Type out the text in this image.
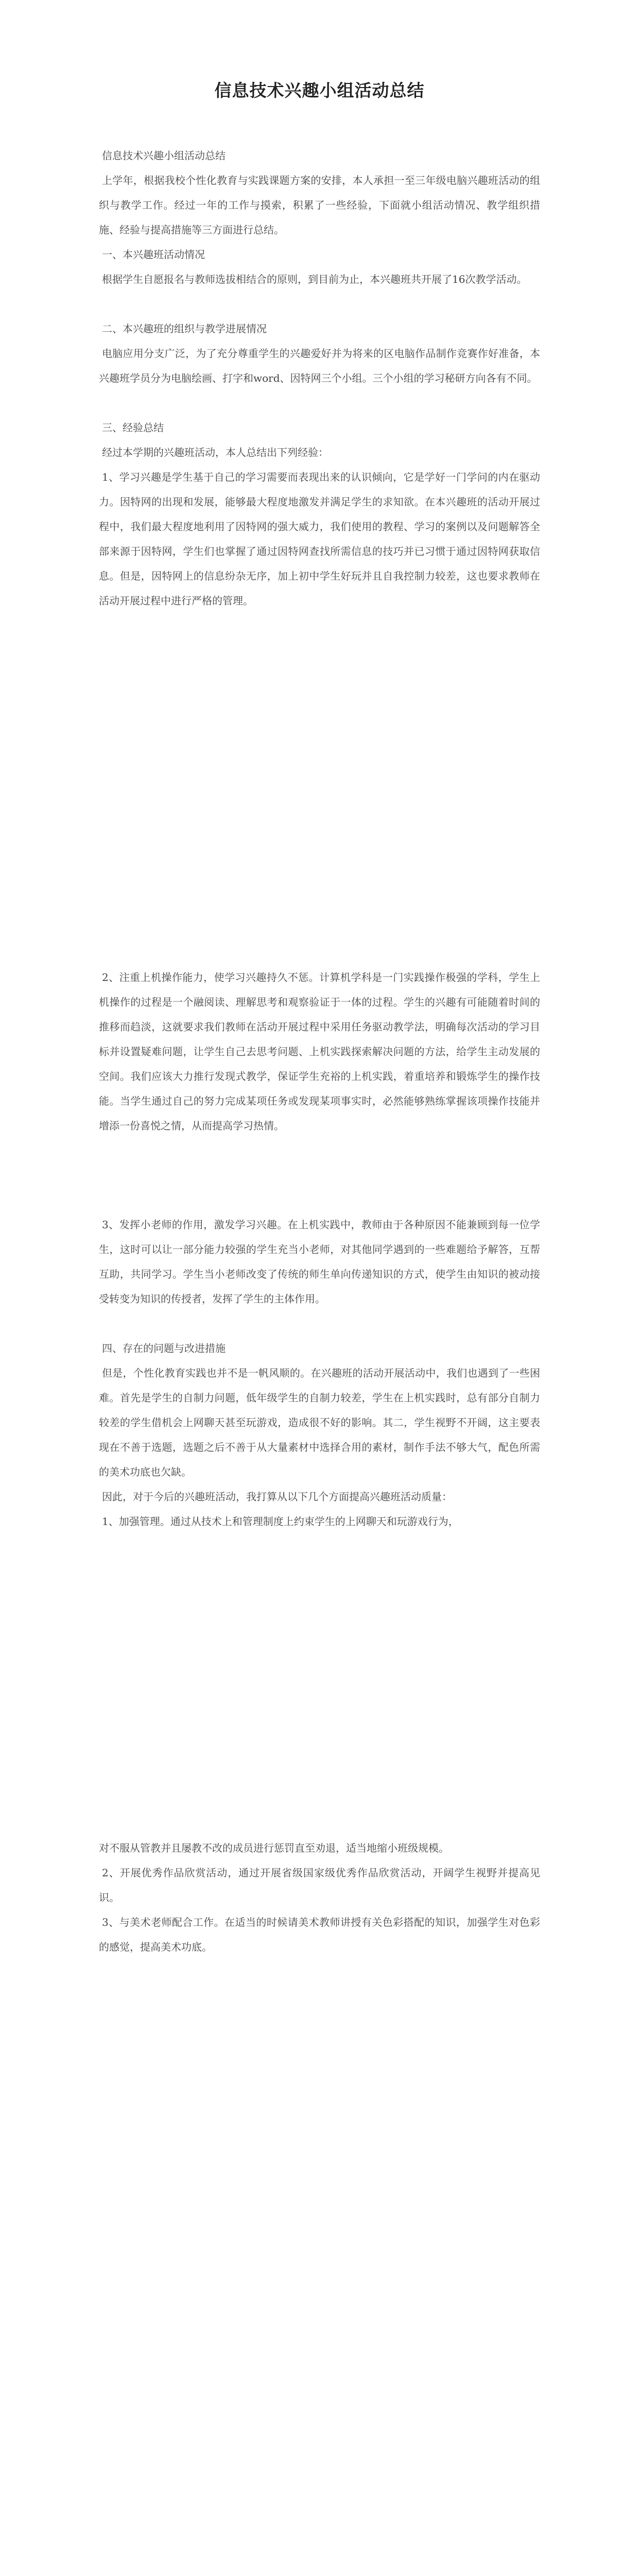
信息技术兴趣小组活动总结

信息技术兴趣小组活动总结

上学年，根据我校个性化教育与实践课题方案的安排，本人承担一至三年级电脑兴趣班活动的组织与教学工作。经过一年的工作与摸索，积累了一些经验，下面就小组活动情况、教学组织措施、经验与提高措施等三方面进行总结。

一、本兴趣班活动情况

根据学生自愿报名与教师选拔相结合的原则，到目前为止，本兴趣班共开展了16次教学活动。

二、本兴趣班的组织与教学进展情况

电脑应用分支广泛，为了充分尊重学生的兴趣爱好并为将来的区电脑作品制作竞赛作好准备，本兴趣班学员分为电脑绘画、打字和word、因特网三个小组。三个小组的学习秘研方向各有不同。

三、经验总结

经过本学期的兴趣班活动，本人总结出下列经验：

1、学习兴趣是学生基于自己的学习需要而表现出来的认识倾向，它是学好一门学问的内在驱动力。因特网的出现和发展，能够最大程度地激发并满足学生的求知欲。在本兴趣班的活动开展过程中，我们最大程度地利用了因特网的强大威力，我们使用的教程、学习的案例以及问题解答全部来源于因特网，学生们也掌握了通过因特网查找所需信息的技巧并已习惯于通过因特网获取信息。但是，因特网上的信息纷杂无序，加上初中学生好玩并且自我控制力较差，这也要求教师在活动开展过程中进行严格的管理。

2、注重上机操作能力，使学习兴趣持久不惩。计算机学科是一门实践操作极强的学科，学生上机操作的过程是一个融阅读、理解思考和观察验证于一体的过程。学生的兴趣有可能随着时间的推移而趋淡，这就要求我们教师在活动开展过程中采用任务驱动教学法，明确每次活动的学习目标并设置疑难问题，让学生自己去思考问题、上机实践探索解决问题的方法，给学生主动发展的空间。我们应该大力推行发现式教学，保证学生充裕的上机实践，着重培养和锻炼学生的操作技能。当学生通过自己的努力完成某项任务或发现某项事实时，必然能够熟练掌握该项操作技能并增添一份喜悦之情，从而提高学习热情。

3、发挥小老师的作用，激发学习兴趣。在上机实践中，教师由于各种原因不能兼顾到每一位学生，这时可以让一部分能力较强的学生充当小老师，对其他同学遇到的一些难题给予解答，互帮互助，共同学习。学生当小老师改变了传统的师生单向传递知识的方式，使学生由知识的被动接受转变为知识的传授者，发挥了学生的主体作用。

四、存在的问题与改进措施

但是，个性化教育实践也并不是一帆风顺的。在兴趣班的活动开展活动中，我们也遇到了一些困难。首先是学生的自制力问题，低年级学生的自制力较差，学生在上机实践时，总有部分自制力较差的学生借机会上网聊天甚至玩游戏，造成很不好的影响。其二，学生视野不开阔，这主要表现在不善于选题，选题之后不善于从大量素材中选择合用的素材，制作手法不够大气，配色所需的美术功底也欠缺。

因此，对于今后的兴趣班活动，我打算从以下几个方面提高兴趣班活动质量：

1、加强管理。通过从技术上和管理制度上约束学生的上网聊天和玩游戏行为，

对不服从管教并且屡教不改的成员进行惩罚直至劝退，适当地缩小班级规模。

2、开展优秀作品欣赏活动，通过开展省级国家级优秀作品欣赏活动，开阔学生视野并提高见识。

3、与美术老师配合工作。在适当的时候请美术教师讲授有关色彩搭配的知识，加强学生对色彩的感觉，提高美术功底。
